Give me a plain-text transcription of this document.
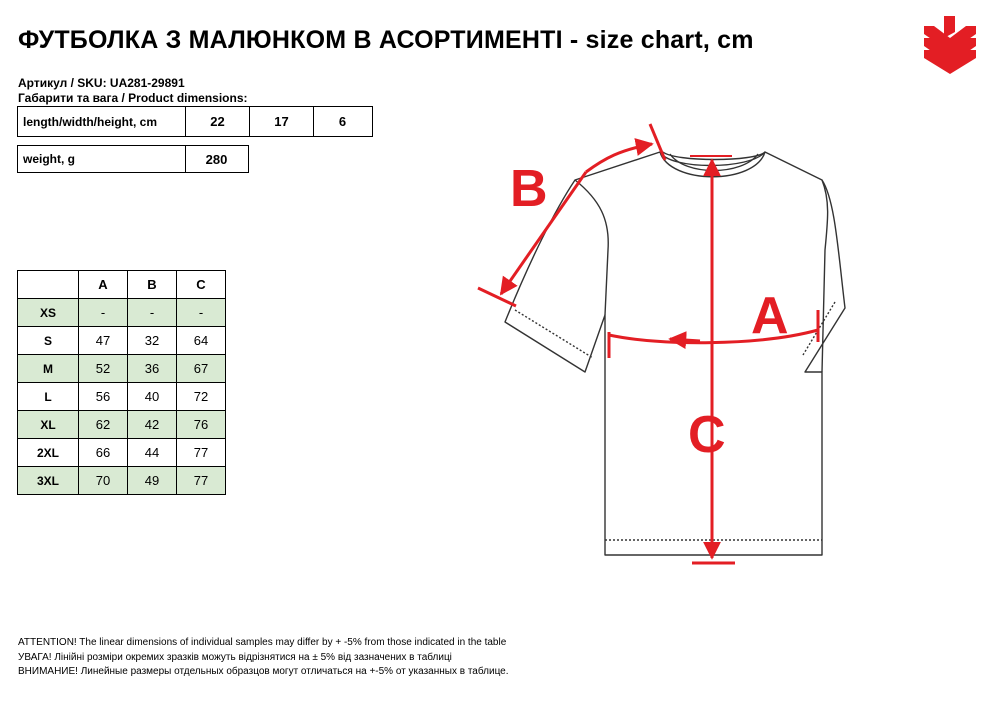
ФУТБОЛКА З МАЛЮНКОМ В АСОРТИМЕНТІ - size chart, cm
Артикул / SKU: UA281-29891
Габарити та вага / Product dimensions:
length/width/height, cm	22	17	6
weight, g	280
	A	B	C
XS	-	-	-
S	47	32	64
M	52	36	67
L	56	40	72
XL	62	42	76
2XL	66	44	77
3XL	70	49	77
C
A
B
ATTENTION! The linear dimensions of individual samples may differ by + -5% from those indicated in the table
УВАГА! Лінійні розміри окремих зразків можуть відрізнятися на ± 5% від зазначених в таблиці
ВНИМАНИЕ! Линейные размеры отдельных образцов могут отличаться на +-5% от указанных в таблице.
